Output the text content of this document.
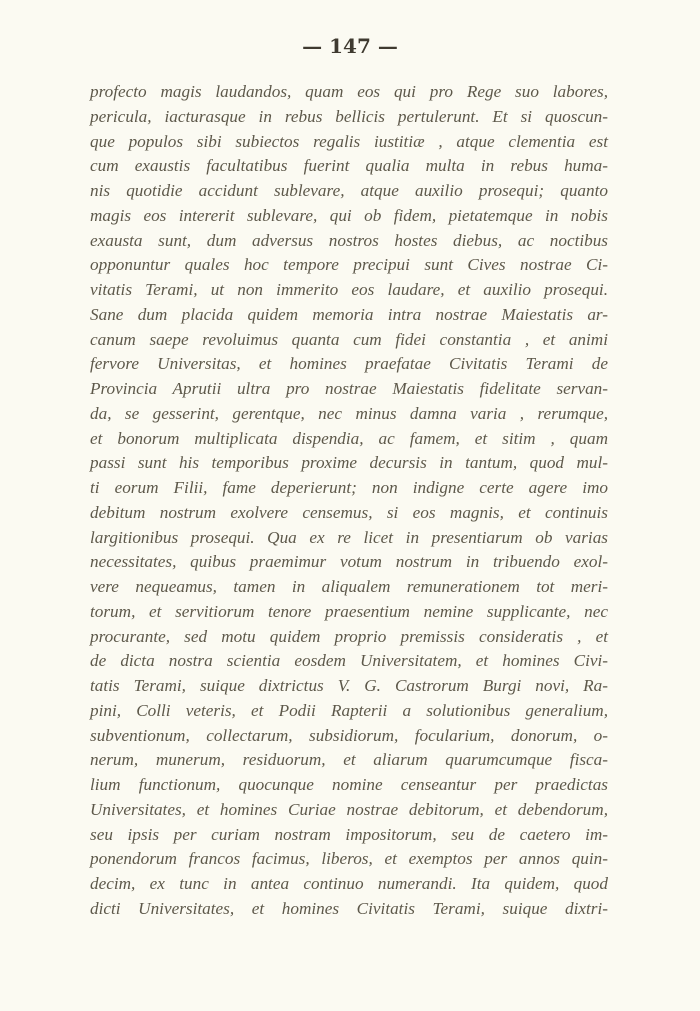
— 147 —
profecto magis laudandos, quam eos qui pro Rege suo labores,
pericula, iacturasque in rebus bellicis pertulerunt. Et si quoscun-
que populos sibi subiectos regalis iustitiæ , atque clementia est
cum exaustis facultatibus fuerint qualia multa in rebus huma-
nis quotidie accidunt sublevare, atque auxilio prosequi; quanto
magis eos intererit sublevare, qui ob fidem, pietatemque in nobis
exausta sunt, dum adversus nostros hostes diebus, ac noctibus
opponuntur quales hoc tempore precipui sunt Cives nostrae Ci-
vitatis Terami, ut non immerito eos laudare, et auxilio prosequi.
Sane dum placida quidem memoria intra nostrae Maiestatis ar-
canum saepe revoluimus quanta cum fidei constantia , et animi
fervore Universitas, et homines praefatae Civitatis Terami de
Provincia Aprutii ultra pro nostrae Maiestatis fidelitate servan-
da, se gesserint, gerentque, nec minus damna varia , rerumque,
et bonorum multiplicata dispendia, ac famem, et sitim , quam
passi sunt his temporibus proxime decursis in tantum, quod mul-
ti eorum Filii, fame deperierunt; non indigne certe agere imo
debitum nostrum exolvere censemus, si eos magnis, et continuis
largitionibus prosequi. Qua ex re licet in presentiarum ob varias
necessitates, quibus praemimur votum nostrum in tribuendo exol-
vere nequeamus, tamen in aliqualem remunerationem tot meri-
torum, et servitiorum tenore praesentium nemine supplicante, nec
procurante, sed motu quidem proprio premissis consideratis , et
de dicta nostra scientia eosdem Universitatem, et homines Civi-
tatis Terami, suique dixtrictus V. G. Castrorum Burgi novi, Ra-
pini, Colli veteris, et Podii Rapterii a solutionibus generalium,
subventionum, collectarum, subsidiorum, focularium, donorum, o-
nerum, munerum, residuorum, et aliarum quarumcumque fisca-
lium functionum, quocunque nomine censeantur per praedictas
Universitates, et homines Curiae nostrae debitorum, et debendorum,
seu ipsis per curiam nostram impositorum, seu de caetero im-
ponendorum francos facimus, liberos, et exemptos per annos quin-
decim, ex tunc in antea continuo numerandi. Ita quidem, quod
dicti Universitates, et homines Civitatis Terami, suique dixtri-
